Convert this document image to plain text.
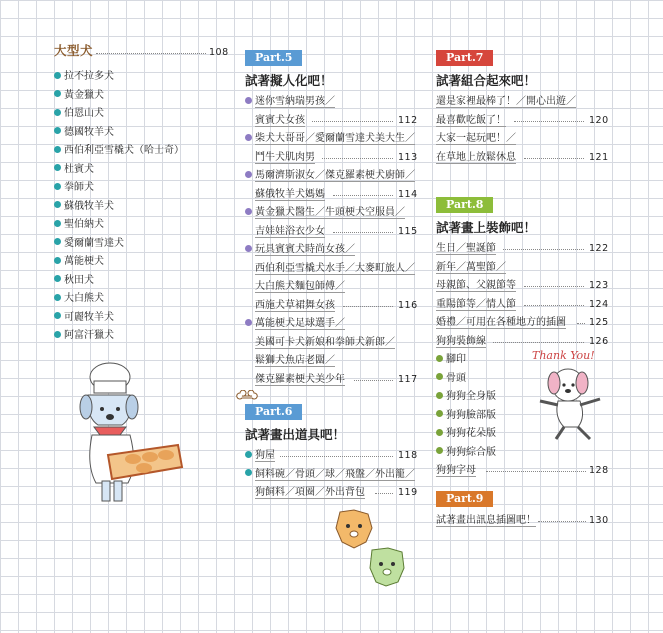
大型犬	108
拉不拉多犬
黃金獵犬
伯恩山犬
德國牧羊犬
西伯利亞雪橇犬（哈士奇）
杜賓犬
拳師犬
蘇俄牧羊犬
聖伯納犬
愛爾蘭雪達犬
萬能梗犬
秋田犬
大白熊犬
可麗牧羊犬
阿富汗獵犬
Part.5
試著擬人化吧！
迷你雪納瑞男孩／
賓賓犬女孩	112
柴犬大哥哥／愛爾蘭雪達犬美大生／
鬥牛犬肌肉男	113
馬爾濟斯淑女／傑克羅素梗犬廚師／
蘇俄牧羊犬媽媽	114
黃金獵犬醫生／牛頭梗犬空服員／
吉娃娃浴衣少女	115
玩具賓賓犬時尚女孩／
西伯利亞雪橇犬水手／大麥町旅人／
大白熊犬麵包師傅／
西施犬草裙舞女孩	116
萬能梗犬足球選手／
美國可卡犬新娘和拳師犬新郎／
鬆獅犬魚店老闆／
傑克羅素梗犬美少年	117
Part.6
試著畫出道具吧！
狗屋	118
飼料碗／骨頭／球／飛盤／外出籠／
狗飼料／項圈／外出背包	119
Part.7
試著組合起來吧！
還是家裡最棒了！／開心出遊／
最喜歡吃飯了！	120
大家一起玩吧！／
在草地上放鬆休息	121
Part.8
試著畫上裝飾吧！
生日／聖誕節	122
新年／萬聖節／
母親節、父親節等	123
重陽節等／情人節	124
婚禮／可用在各種地方的插圖 125
狗狗裝飾線	126
腳印
骨頭
狗狗全身版
狗狗臉部版
狗狗花朵版
狗狗綜合版
狗狗字母	128
Part.9
試著畫出訊息插圖吧！	130
Thank You!
